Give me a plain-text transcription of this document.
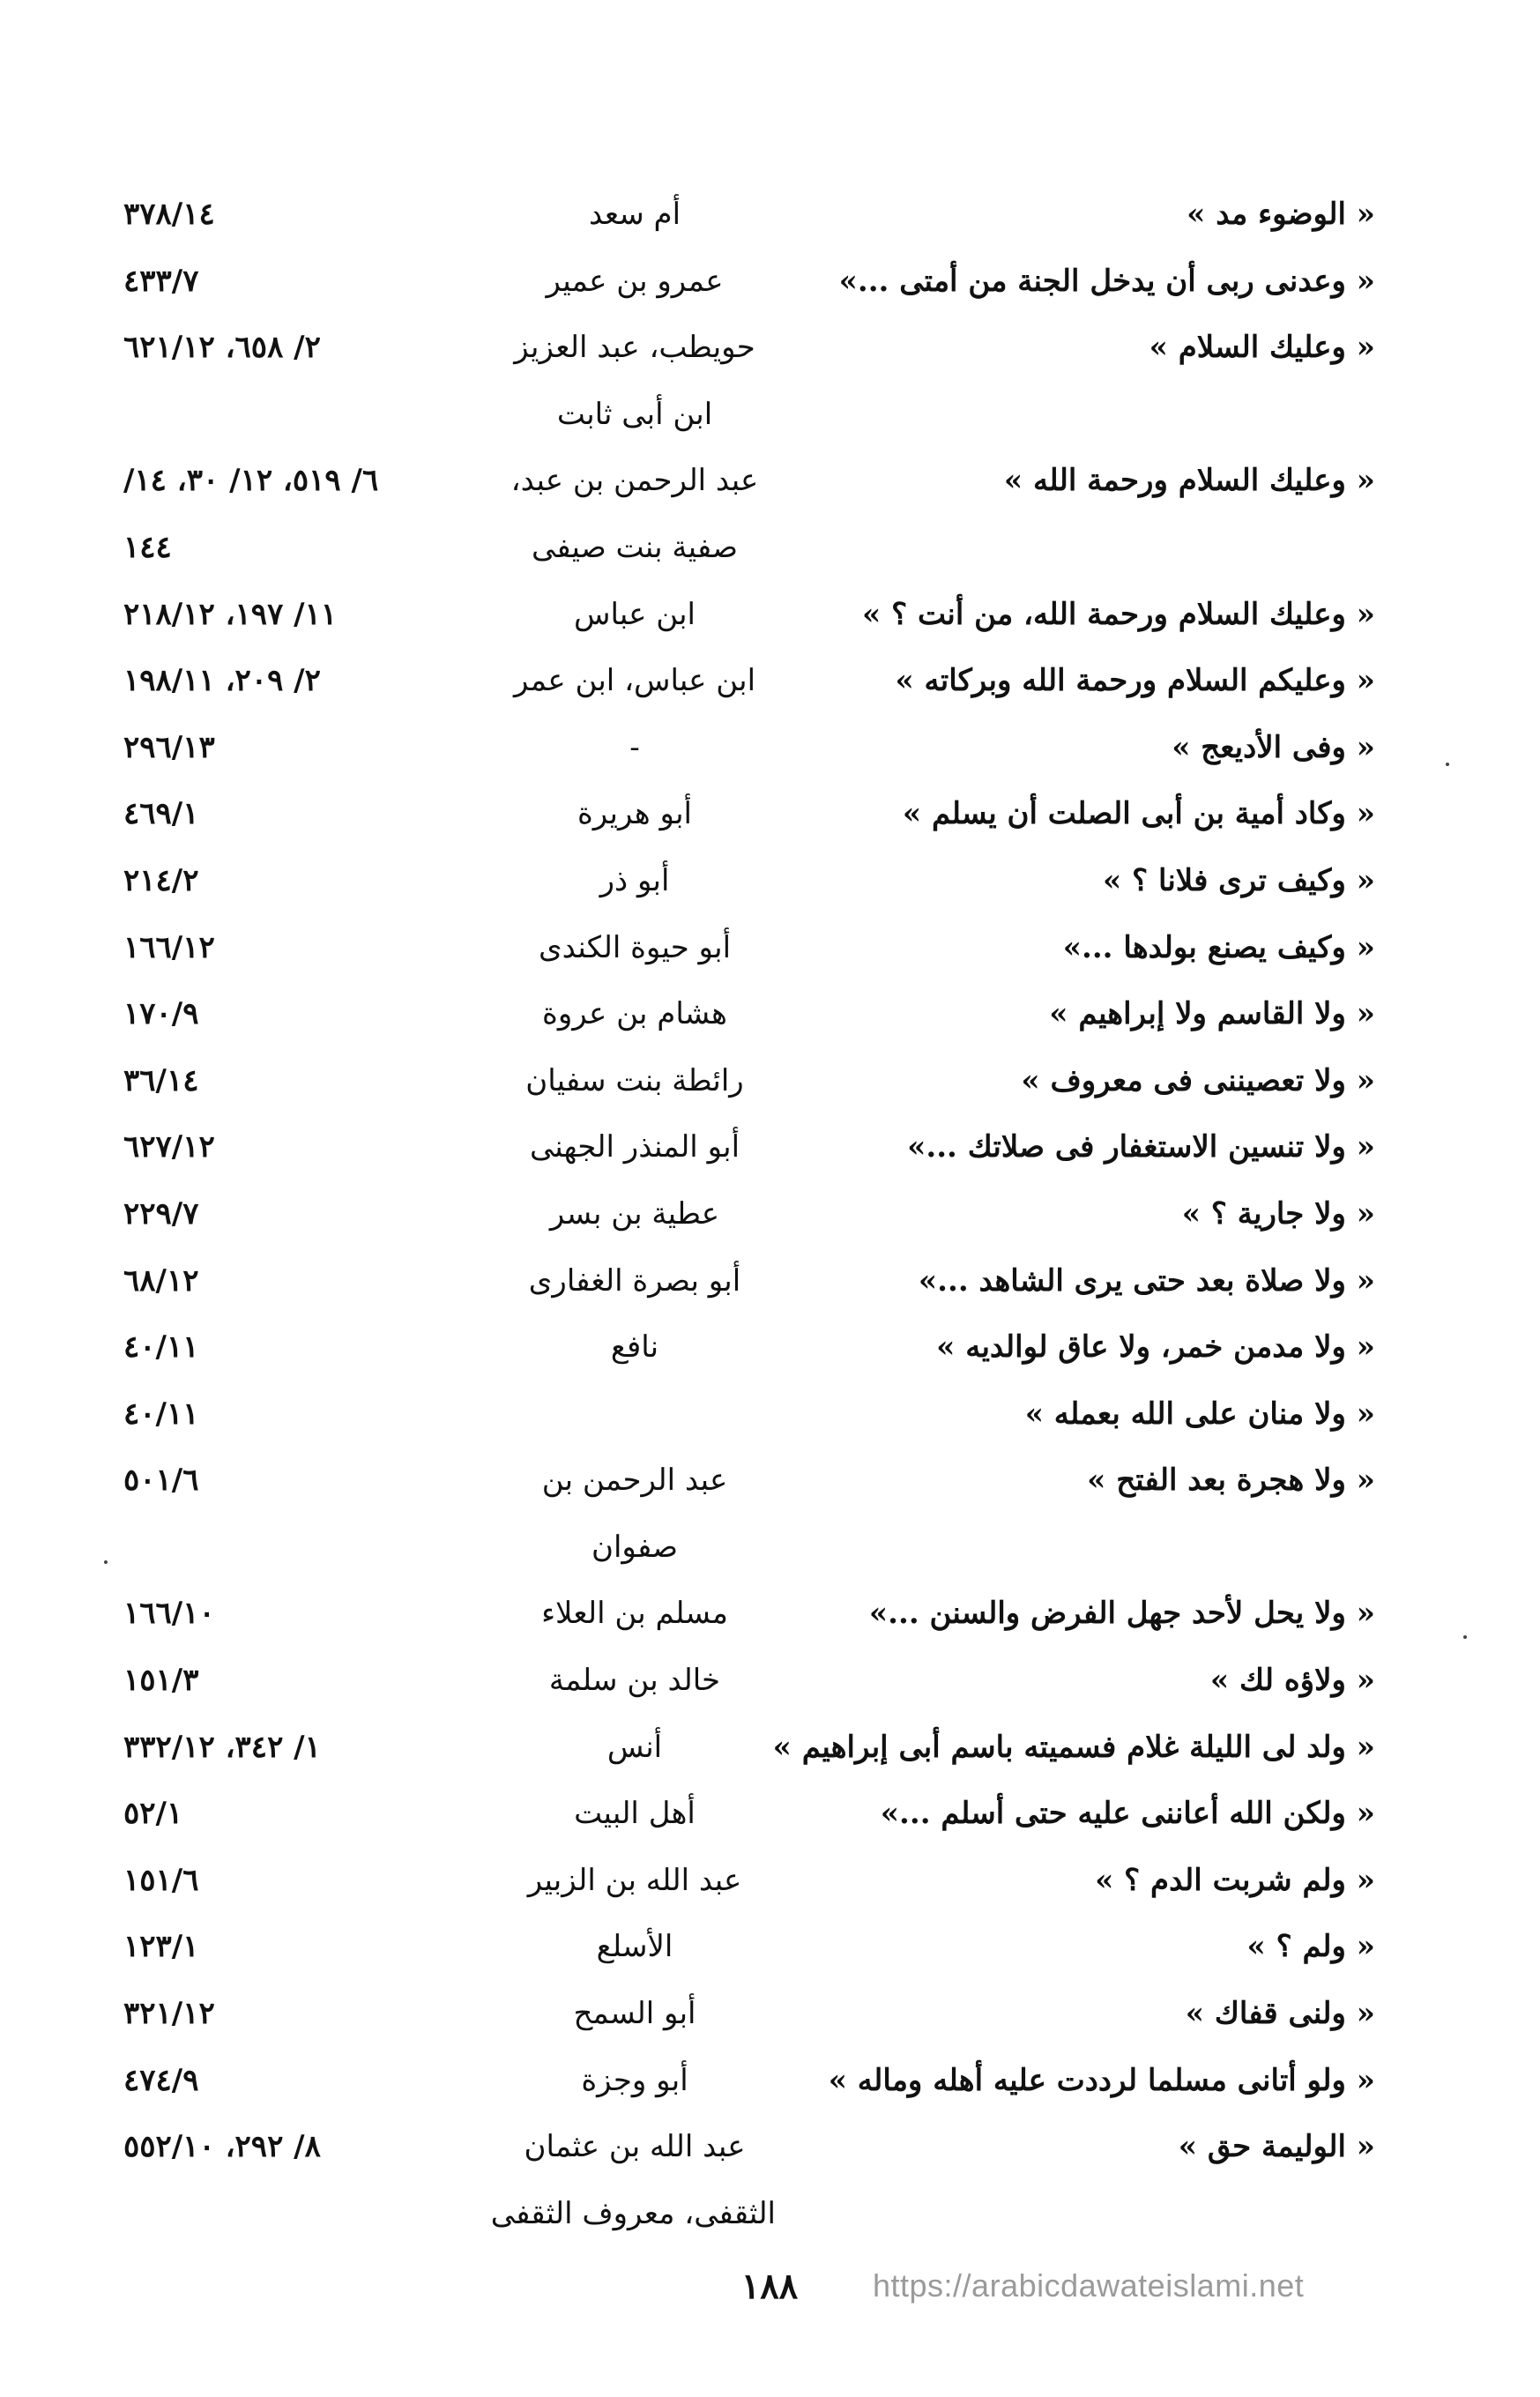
« الوضوء مد »
أم سعد
٣٧٨/١٤
« وعدنى ربى أن يدخل الجنة من أمتى ...»
عمرو بن عمير
٤٣٣/٧
« وعليك السلام »
حويطب، عبد العزيز
٢/ ٦٥٨، ٦٢١/١٢
ابن أبى ثابت
« وعليك السلام ورحمة الله »
عبد الرحمن بن عبد،
٦/ ٥١٩، ١٢/ ٣٠، ١٤/
صفية بنت صيفى
١٤٤
« وعليك السلام ورحمة الله، من أنت ؟ »
ابن عباس
١١/ ١٩٧، ٢١٨/١٢
« وعليكم السلام ورحمة الله وبركاته »
ابن عباس، ابن عمر
٢/ ٢٠٩، ١٩٨/١١
« وفى الأديعج »
-
٢٩٦/١٣
« وكاد أمية بن أبى الصلت أن يسلم »
أبو هريرة
٤٦٩/١
« وكيف ترى فلانا ؟ »
أبو ذر
٢١٤/٢
« وكيف يصنع بولدها ...»
أبو حيوة الكندى
١٦٦/١٢
« ولا القاسم ولا إبراهيم »
هشام بن عروة
١٧٠/٩
« ولا تعصيننى فى معروف »
رائطة بنت سفيان
٣٦/١٤
« ولا تنسين الاستغفار فى صلاتك ...»
أبو المنذر الجهنى
٦٢٧/١٢
« ولا جارية ؟ »
عطية بن بسر
٢٢٩/٧
« ولا صلاة بعد حتى يرى الشاهد ...»
أبو بصرة الغفارى
٦٨/١٢
« ولا مدمن خمر، ولا عاق لوالديه »
نافع
٤٠/١١
« ولا منان على الله بعمله »
٤٠/١١
« ولا هجرة بعد الفتح »
عبد الرحمن بن
٥٠١/٦
صفوان
« ولا يحل لأحد جهل الفرض والسنن ...»
مسلم بن العلاء
١٦٦/١٠
« ولاؤه لك »
خالد بن سلمة
١٥١/٣
« ولد لى الليلة غلام فسميته باسم أبى إبراهيم »
أنس
١/ ٣٤٢، ٣٣٢/١٢
« ولكن الله أعاننى عليه حتى أسلم ...»
أهل البيت
٥٢/١
« ولم شربت الدم ؟ »
عبد الله بن الزبير
١٥١/٦
« ولم ؟ »
الأسلع
١٢٣/١
« ولنى قفاك »
أبو السمح
٣٢١/١٢
« ولو أتانى مسلما لرددت عليه أهله وماله »
أبو وجزة
٤٧٤/٩
« الوليمة حق »
عبد الله بن عثمان
٨/ ٢٩٢، ٥٥٢/١٠
الثقفى، معروف الثقفى
١٨٨	https://arabicdawateislami.net
